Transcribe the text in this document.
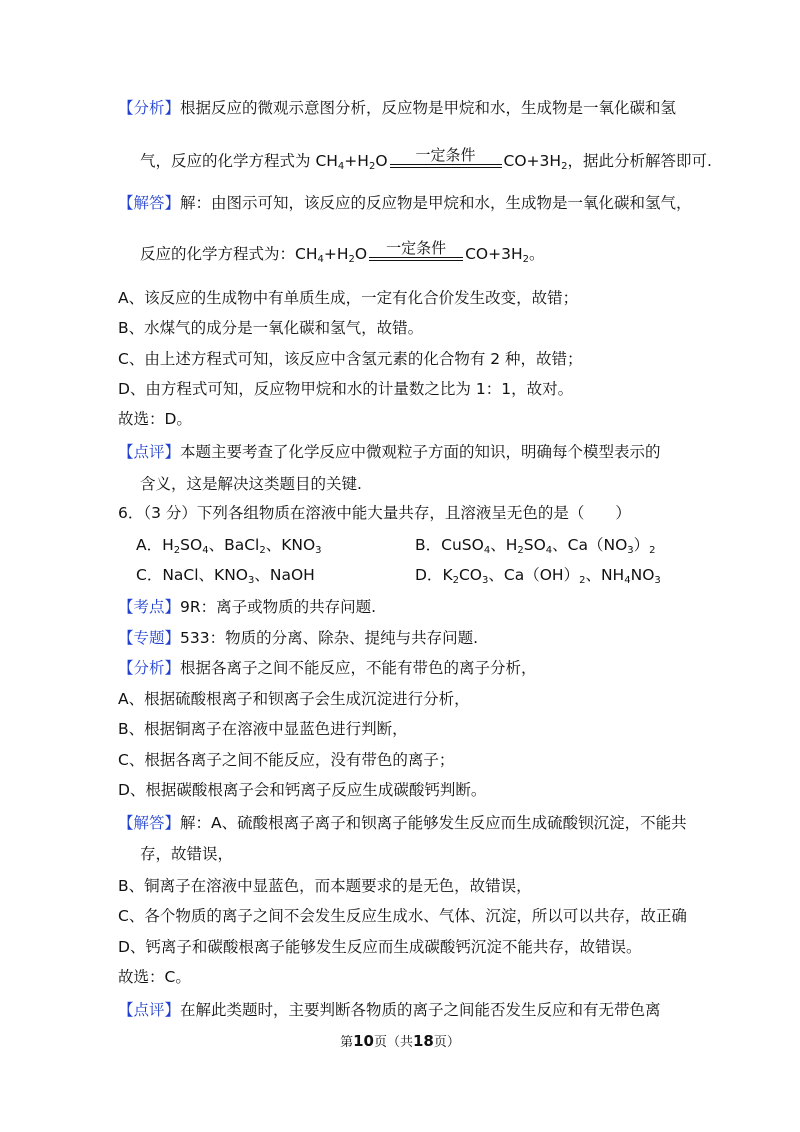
【分析】根据反应的微观示意图分析，反应物是甲烷和水，生成物是一氧化碳和氢
气，反应的化学方程式为 $CH_4+H_2O$	一定条件	$CO+3H_2$，据此分析解答即可.
【解答】解：由图示可知，该反应的反应物是甲烷和水，生成物是一氧化碳和氢气，
反应的化学方程式为：$CH_4+H_2O$	一定条件	$CO+3H_2$。
A、该反应的生成物中有单质生成，一定有化合价发生改变，故错；
B、水煤气的成分是一氧化碳和氢气，故错。
C、由上述方程式可知，该反应中含氢元素的化合物有 2 种，故错；
D、由方程式可知，反应物甲烷和水的计量数之比为 1：1，故对。
故选：D。
【点评】本题主要考查了化学反应中微观粒子方面的知识，明确每个模型表示的
含义，这是解决这类题目的关键.
6．（3 分）下列各组物质在溶液中能大量共存，且溶液呈无色的是（　　）
A．$H_2SO_4$、BaCl$_2$、$KNO_3$	B．CuSO$_4$、$H_2SO_4$、$Ca(NO_3)_2$
C．NaCl、$KNO_3$、NaOH	D．$K_2CO_3$、$Ca(OH)_2$、$NH_4NO_3$
【考点】9R：离子或物质的共存问题.
【专题】533：物质的分离、除杂、提纯与共存问题.
【分析】根据各离子之间不能反应，不能有带色的离子分析，
A、根据硫酸根离子和钡离子会生成沉淀进行分析，
B、根据铜离子在溶液中显蓝色进行判断，
C、根据各离子之间不能反应，没有带色的离子；
D、根据碳酸根离子会和钙离子反应生成碳酸钙判断。
【解答】解：A、硫酸根离子离子和钡离子能够发生反应而生成硫酸钡沉淀，不能共
存，故错误，
B、铜离子在溶液中显蓝色，而本题要求的是无色，故错误，
C、各个物质的离子之间不会发生反应生成水、气体、沉淀，所以可以共存，故正确
D、钙离子和碳酸根离子能够发生反应而生成碳酸钙沉淀不能共存，故错误。
故选：C。
【点评】在解此类题时，主要判断各物质的离子之间能否发生反应和有无带色离
第10页（共18页）
